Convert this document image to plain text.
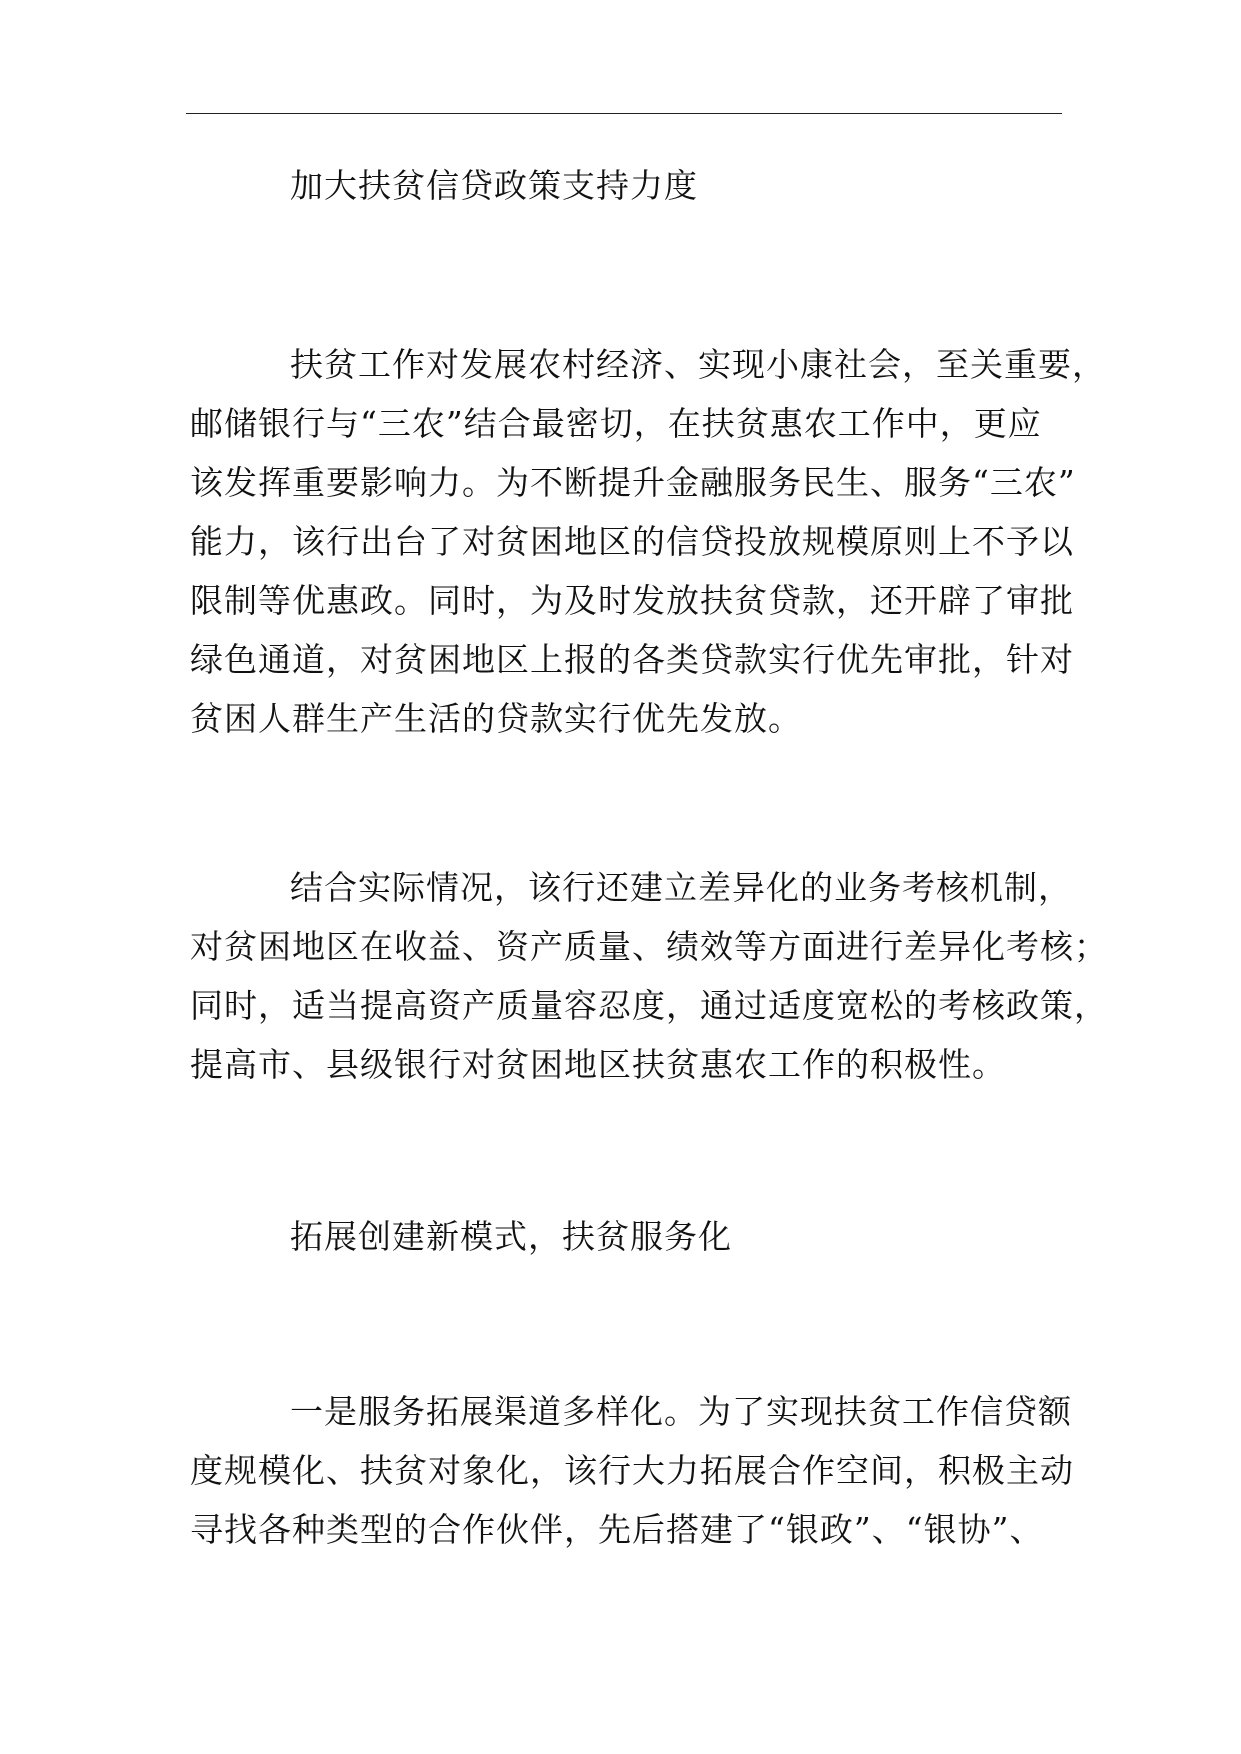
加大扶贫信贷政策支持力度
扶贫工作对发展农村经济、实现小康社会，至关重要，
邮储银行与“三农”结合最密切，在扶贫惠农工作中，更应
该发挥重要影响力。为不断提升金融服务民生、服务“三农”
能力，该行出台了对贫困地区的信贷投放规模原则上不予以
限制等优惠政。同时，为及时发放扶贫贷款，还开辟了审批
绿色通道，对贫困地区上报的各类贷款实行优先审批，针对
贫困人群生产生活的贷款实行优先发放。
结合实际情况，该行还建立差异化的业务考核机制，
对贫困地区在收益、资产质量、绩效等方面进行差异化考核；
同时，适当提高资产质量容忍度，通过适度宽松的考核政策，
提高市、县级银行对贫困地区扶贫惠农工作的积极性。
拓展创建新模式，扶贫服务化
一是服务拓展渠道多样化。为了实现扶贫工作信贷额
度规模化、扶贫对象化，该行大力拓展合作空间，积极主动
寻找各种类型的合作伙伴，先后搭建了“银政”、“银协”、
